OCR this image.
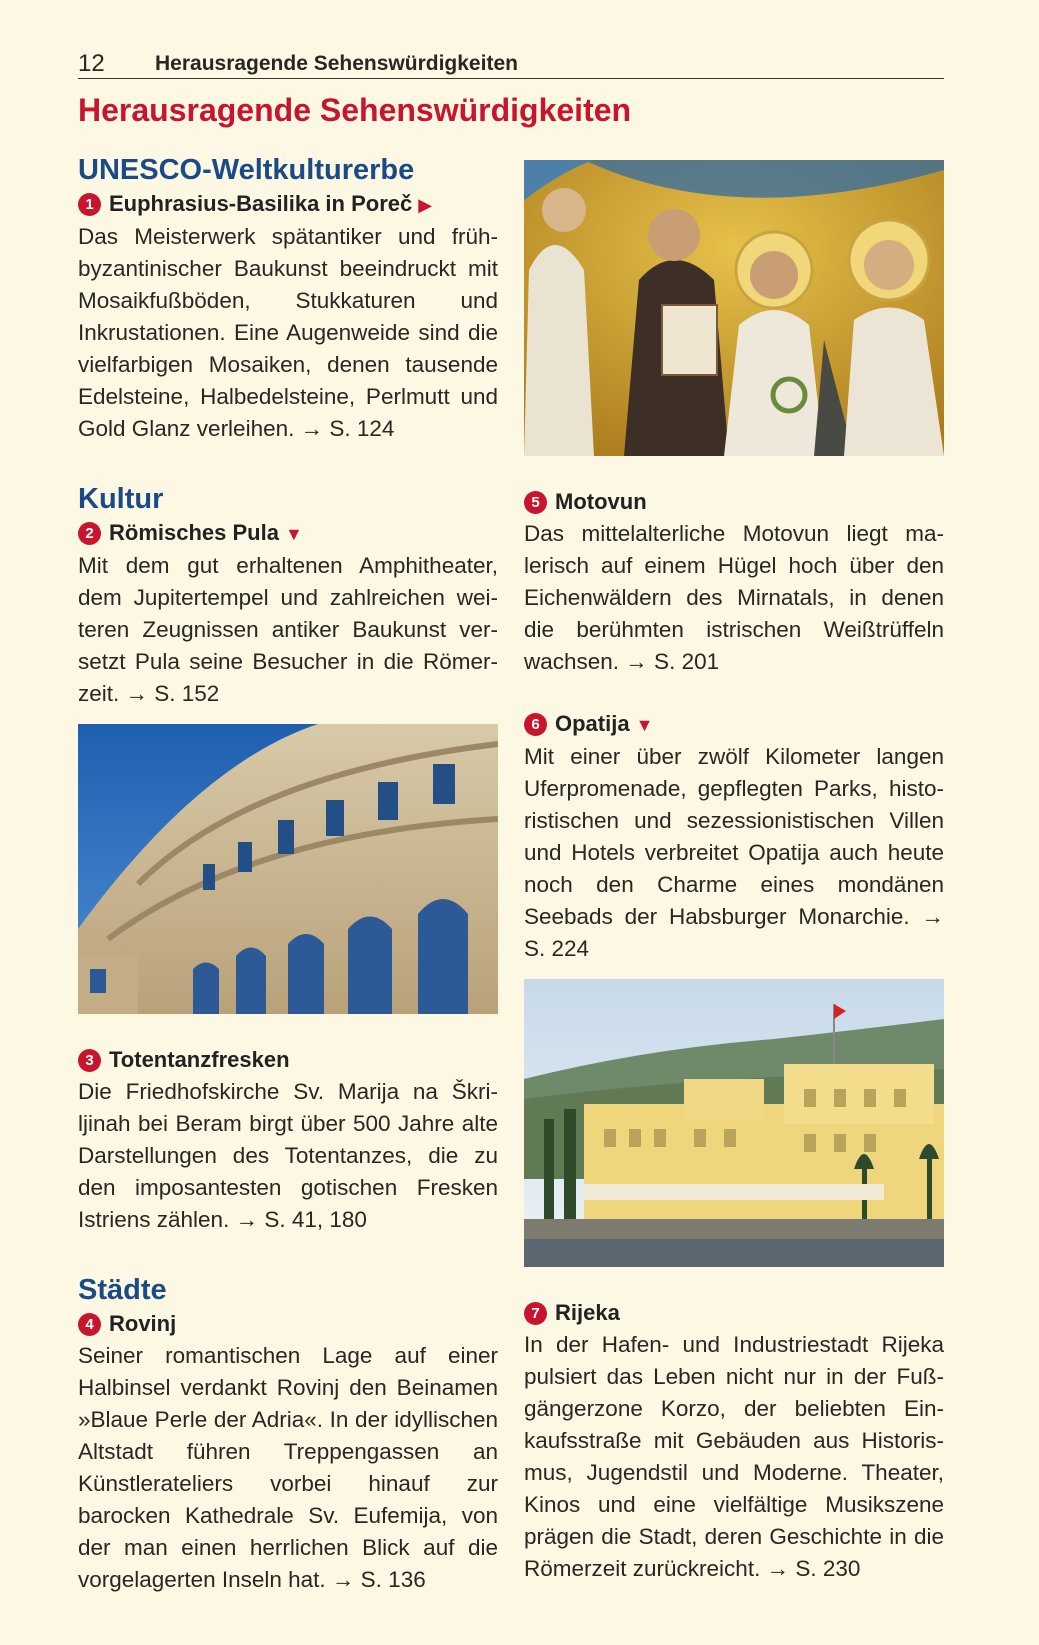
12 Herausragende Sehenswürdigkeiten
Herausragende Sehenswürdigkeiten
UNESCO-Weltkulturerbe

1 Euphrasius-Basilika in Poreč ▶

Das Meisterwerk spätantiker und frühbyzantinischer Baukunst beeindruckt mit Mosaikfußböden, Stukkaturen und Inkrustationen. Eine Augenweide sind die vielfarbigen Mosaiken, denen tausende Edelsteine, Halbedelsteine, Perlmutt und Gold Glanz verleihen. → S. 124

Kultur

2 Römisches Pula ▼

Mit dem gut erhaltenen Amphitheater, dem Jupitertempel und zahlreichen weiteren Zeugnissen antiker Baukunst versetzt Pula seine Besucher in die Römerzeit. → S. 152

3 Totentanzfresken

Die Friedhofskirche Sv. Marija na Škriljinah bei Beram birgt über 500 Jahre alte Darstellungen des Totentanzes, die zu den imposantesten gotischen Fresken Istriens zählen. → S. 41, 180

Städte

4 Rovinj

Seiner romantischen Lage auf einer Halbinsel verdankt Rovinj den Beinamen »Blaue Perle der Adria«. In der idyllischen Altstadt führen Treppengassen an Künstlerateliers vorbei hinauf zur barocken Kathedrale Sv. Eufemija, von der man einen herrlichen Blick auf die vorgelagerten Inseln hat. → S. 136

5 Motovun

Das mittelalterliche Motovun liegt malerisch auf einem Hügel hoch über den Eichenwäldern des Mirnatals, in denen die berühmten istrischen Weißtrüffeln wachsen. → S. 201

6 Opatija ▼

Mit einer über zwölf Kilometer langen Uferpromenade, gepflegten Parks, historistischen und sezessionistischen Villen und Hotels verbreitet Opatija auch heute noch den Charme eines mondänen Seebads der Habsburger Monarchie. → S. 224

7 Rijeka

In der Hafen- und Industriestadt Rijeka pulsiert das Leben nicht nur in der Fußgängerzone Korzo, der beliebten Einkaufsstraße mit Gebäuden aus Historismus, Jugendstil und Moderne. Theater, Kinos und eine vielfältige Musikszene prägen die Stadt, deren Geschichte in die Römerzeit zurückreicht. → S. 230
